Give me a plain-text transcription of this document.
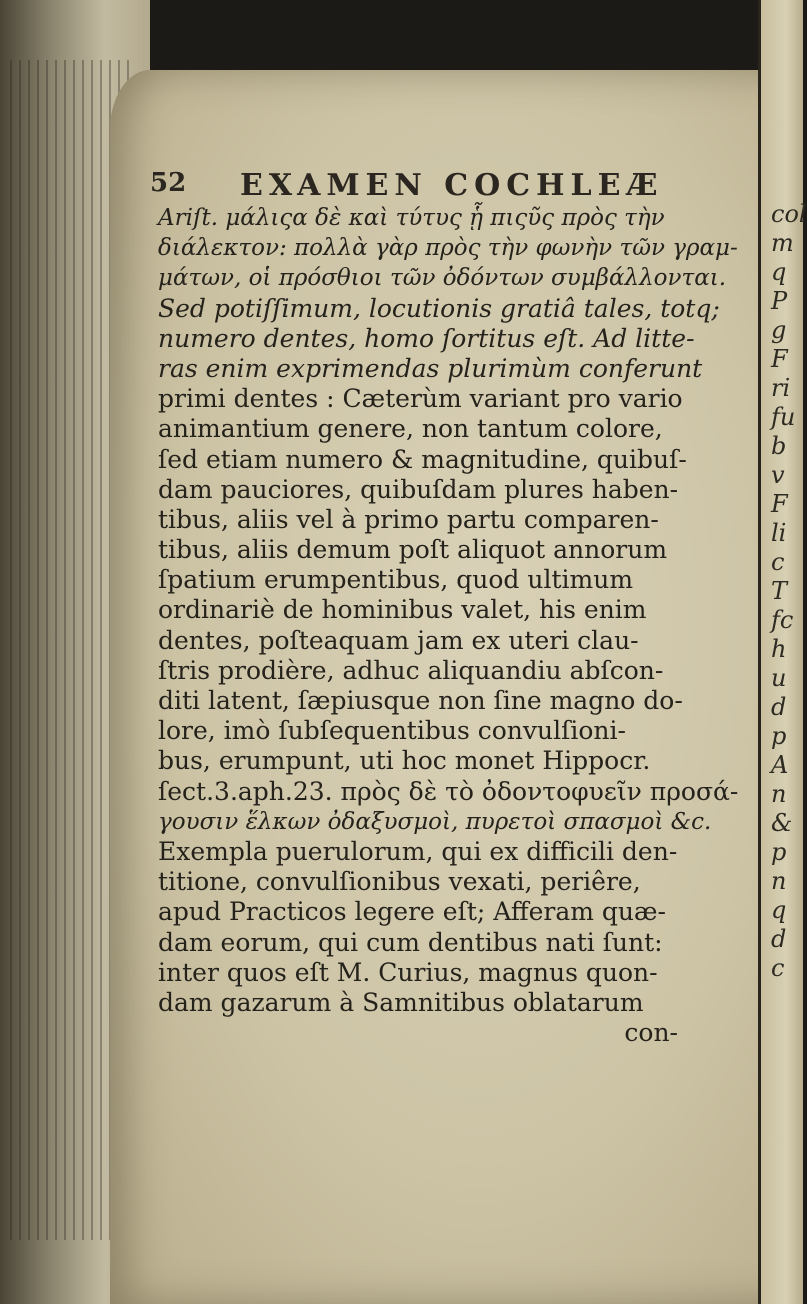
col
m
q
P
g
F
ri
fu
b
v
F
li
c
T
fc
h
u
d
p
A
n
&
p
n
q
d
c
52 EXAMEN COCHLEÆ
Ariſt. μάλιςα δὲ καὶ τύτυς ᾗ πιςῦς πρὸς τὴν
διάλεκτον: πολλὰ γὰρ πρὸς τὴν φωνὴν τῶν γραμ-
μάτων, οἱ πρόσθιοι τῶν ὀδόντων συμβάλλονται.
Sed potiſſimum, locutionis gratiâ tales, totq;
numero dentes, homo ſortitus eſt. Ad litte-
ras enim exprimendas plurimùm conferunt
primi dentes : Cæterùm variant pro vario
animantium genere, non tantum colore,
ſed etiam numero & magnitudine, quibuſ-
dam pauciores, quibuſdam plures haben-
tibus, aliis vel à primo partu comparen-
tibus, aliis demum poſt aliquot annorum
ſpatium erumpentibus, quod ultimum
ordinariè de hominibus valet, his enim
dentes, poſteaquam jam ex uteri clau-
ſtris prodière, adhuc aliquandiu abſcon-
diti latent, ſæpiusque non ſine magno do-
lore, imò ſubſequentibus convulſioni-
bus, erumpunt, uti hoc monet Hippocr.
ſect.3.aph.23. πρὸς δὲ τὸ ὀδοντοφυεῖν προσά-
γουσιν ἕλκων ὀδαξυσμοὶ, πυρετοὶ σπασμοὶ &c.
Exempla puerulorum, qui ex difficili den-
titione, convulſionibus vexati, periêre,
apud Practicos legere eſt; Afferam quæ-
dam eorum, qui cum dentibus nati ſunt:
inter quos eſt M. Curius, magnus quon-
dam gazarum à Samnitibus oblatarum
con-
